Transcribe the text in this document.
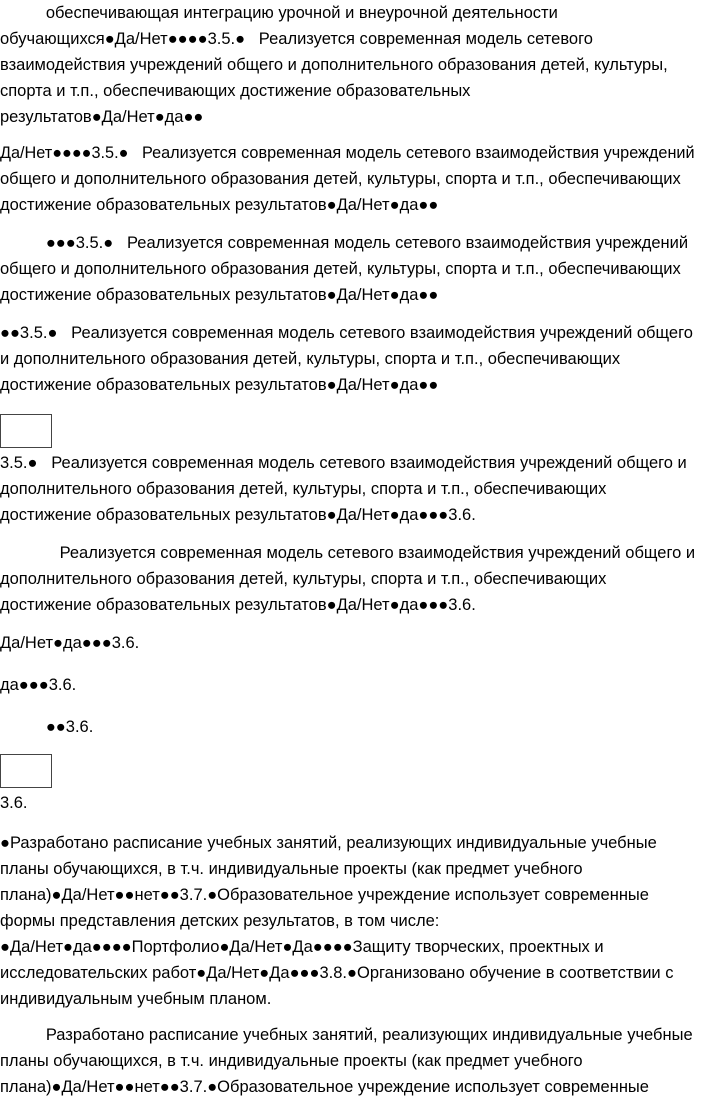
обеспечивающая интеграцию урочной и внеурочной деятельности
обучающихся●Да/Нет●●●●3.5.●   Реализуется современная модель сетевого
взаимодействия учреждений общего и дополнительного образования детей, культуры,
спорта и т.п., обеспечивающих достижение образовательных
результатов●Да/Нет●да●●
Да/Нет●●●●3.5.●   Реализуется современная модель сетевого взаимодействия учреждений
общего и дополнительного образования детей, культуры, спорта и т.п., обеспечивающих
достижение образовательных результатов●Да/Нет●да●●
●●●3.5.●   Реализуется современная модель сетевого взаимодействия учреждений
общего и дополнительного образования детей, культуры, спорта и т.п., обеспечивающих
достижение образовательных результатов●Да/Нет●да●●
●●3.5.●   Реализуется современная модель сетевого взаимодействия учреждений общего
и дополнительного образования детей, культуры, спорта и т.п., обеспечивающих
достижение образовательных результатов●Да/Нет●да●●
3.5.●   Реализуется современная модель сетевого взаимодействия учреждений общего и
дополнительного образования детей, культуры, спорта и т.п., обеспечивающих
достижение образовательных результатов●Да/Нет●да●●●3.6.
Реализуется современная модель сетевого взаимодействия учреждений общего и
дополнительного образования детей, культуры, спорта и т.п., обеспечивающих
достижение образовательных результатов●Да/Нет●да●●●3.6.
Да/Нет●да●●●3.6.
да●●●3.6.
●●3.6.
3.6.
●Разработано расписание учебных занятий, реализующих индивидуальные учебные
планы обучающихся, в т.ч. индивидуальные проекты (как предмет учебного
плана)●Да/Нет●●нет●●3.7.●Образовательное учреждение использует современные
формы представления детских результатов, в том числе:
●Да/Нет●да●●●●Портфолио●Да/Нет●Да●●●●Защиту творческих, проектных и
исследовательских работ●Да/Нет●Да●●●3.8.●Организовано обучение в соответствии с
индивидуальным учебным планом.
Разработано расписание учебных занятий, реализующих индивидуальные учебные
планы обучающихся, в т.ч. индивидуальные проекты (как предмет учебного
плана)●Да/Нет●●нет●●3.7.●Образовательное учреждение использует современные
